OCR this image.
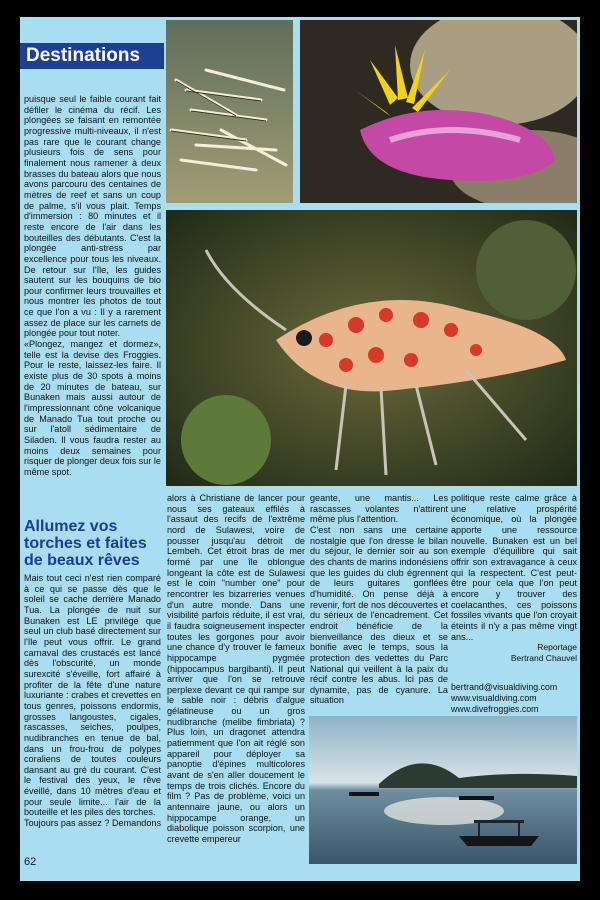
Destinations

puisque seul le faible courant fait défiler le cinéma du récif. Les plongées se faisant en remontée progressive multi-niveaux, il n'est pas rare que le courant change plusieurs fois de sens pour finalement nous ramener à deux brasses du bateau alors que nous avons parcouru des centaines de mètres de reef et sans un coup de palme, s'il vous plait. Temps d'immersion : 80 minutes et il reste encore de l'air dans les bouteilles des débutants. C'est la plongée anti-stress par excellence pour tous les niveaux. De retour sur l'île, les guides sautent sur les bouquins de bio pour confirmer leurs trouvailles et nous montrer les photos de tout ce que l'on a vu : Il y a rarement assez de place sur les carnets de plongée pour tout noter.

«Plongez, mangez et dormez», telle est la devise des Froggies. Pour le reste, laissez-les faire. Il existe plus de 30 spots à moins de 20 minutes de bateau, sur Bunaken mais aussi autour de l'impressionnant cône volcanique de Manado Tua tout proche ou sur l'atoll sédimentaire de Siladen. Il vous faudra rester au moins deux semaines pour risquer de plonger deux fois sur le même spot.

Allumez vos torches et faites de beaux rêves

Mais tout ceci n'est rien comparé à ce qui se passe dès que le soleil se cache derrière Manado Tua. La plongée de nuit sur Bunaken est LE privilège que seul un club basé directement sur l'île peut vous offrir. Le grand carnaval des crustacés est lancé dès l'obscurité, un monde surexcité s'éveille, fort affairé à profiter de la fête d'une nature luxuriante : crabes et crevettes en tous genres, poissons endormis, grosses langoustes, cigales, rascasses, seiches, poulpes, nudibranches en tenue de bal, dans un frou-frou de polypes coraliens de toutes couleurs dansant au gré du courant. C'est le festival des yeux, le rêve éveillé, dans 10 mètres d'eau et pour seule limite... l'air de la bouteille et les piles des torches.

Toujours pas assez ? Demandons

alors à Christiane de lancer pour nous ses gateaux effilés à l'assaut des recifs de l'extrême nord de Sulawesi, voire de pousser jusqu'au détroit de Lembeh. Cet étroit bras de mer formé par une île oblongue longeant la côte est de Sulawesi est le coin "number one" pour rencontrer les bizarreries venues d'un autre monde. Dans une visibilité parfois réduite, il est vrai, il faudra soigneusement inspecter toutes les gorgones pour avoir une chance d'y trouver le fameux hippocampe pygmée (hippocampus bargibanti). Il peut arriver que l'on se retrouve perplexe devant ce qui rampe sur le sable noir : débris d'algue gélatineuse ou un gros nudibranche (melibe fimbriata) ? Plus loin, un dragonet attendra patiemment que l'on ait réglé son appareil pour déployer sa panoptie d'épines multicolores avant de s'en aller doucement le temps de trois clichés. Encore du film ? Pas de problème, voici un antennaire jaune, ou alors un hippocampe orange, un diabolique poisson scorpion, une crevette empereur

geante, une mantis... Les rascasses volantes n'attirent même plus l'attention.

C'est non sans une certaine nostalgie que l'on dresse le bilan du séjour, le dernier soir au son des chants de marins indonésiens que les guides du club égrennent de leurs guitares gonflées d'humidité. On pense déjà à revenir, fort de nos découvertes et du sérieux de l'encadrement. Cet endroit bénéficie de la bienveillance des dieux et se bonifie avec le temps, sous la protection des vedettes du Parc National qui veillent à la paix du récif contre les abus. Ici pas de dynamite, pas de cyanure. La situation

politique reste calme grâce à une relative prospérité économique, où la plongée apporte une ressource nouvelle. Bunaken est un bel exemple d'équilibre qui sait offrir son extravagance à ceux qui la respectent. C'est peut-être pour cela que l'on peut encore y trouver des coelacanthes, ces poissons fossiles vivants que l'on croyait éteints il n'y a pas même vingt ans...

Reportage

Bertrand Chauvel

bertrand@visualdiving.com
www.visualdiving.com
www.divefroggies.com
62
